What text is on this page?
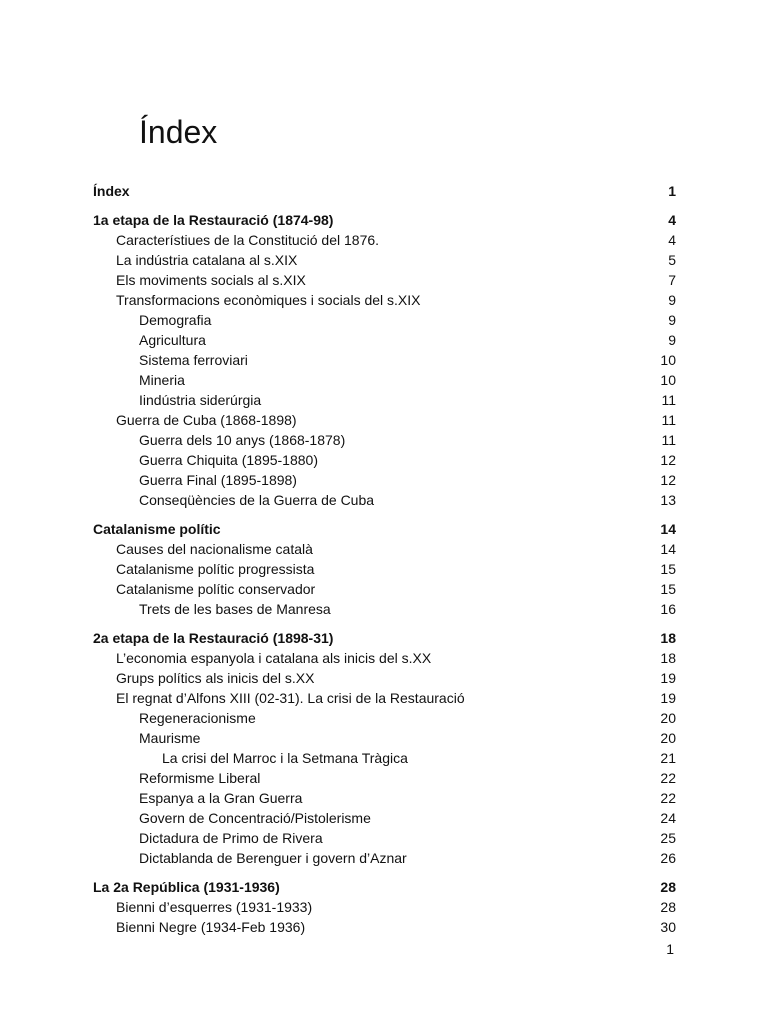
Índex
Índex	1
1a etapa de la Restauració (1874-98)	4
Característiues de la Constitució del 1876.	4
La indústria catalana al s.XIX	5
Els moviments socials al s.XIX	7
Transformacions econòmiques i socials del s.XIX	9
Demografia	9
Agricultura	9
Sistema ferroviari	10
Mineria	10
Iindústria siderúrgia	11
Guerra de Cuba (1868-1898)	11
Guerra dels 10 anys (1868-1878)	11
Guerra Chiquita (1895-1880)	12
Guerra Final (1895-1898)	12
Conseqüències de la Guerra de Cuba	13
Catalanisme polític	14
Causes del nacionalisme català	14
Catalanisme polític progressista	15
Catalanisme polític conservador	15
Trets de les bases de Manresa	16
2a etapa de la Restauració (1898-31)	18
L’economia espanyola i catalana als inicis del s.XX	18
Grups polítics als inicis del s.XX	19
El regnat d’Alfons XIII (02-31). La crisi de la Restauració	19
Regeneracionisme	20
Maurisme	20
La crisi del Marroc i la Setmana Tràgica	21
Reformisme Liberal	22
Espanya a la Gran Guerra	22
Govern de Concentració/Pistolerisme	24
Dictadura de Primo de Rivera	25
Dictablanda de Berenguer i govern d’Aznar	26
La 2a República (1931-1936)	28
Bienni d’esquerres (1931-1933)	28
Bienni Negre (1934-Feb 1936)	30
1
